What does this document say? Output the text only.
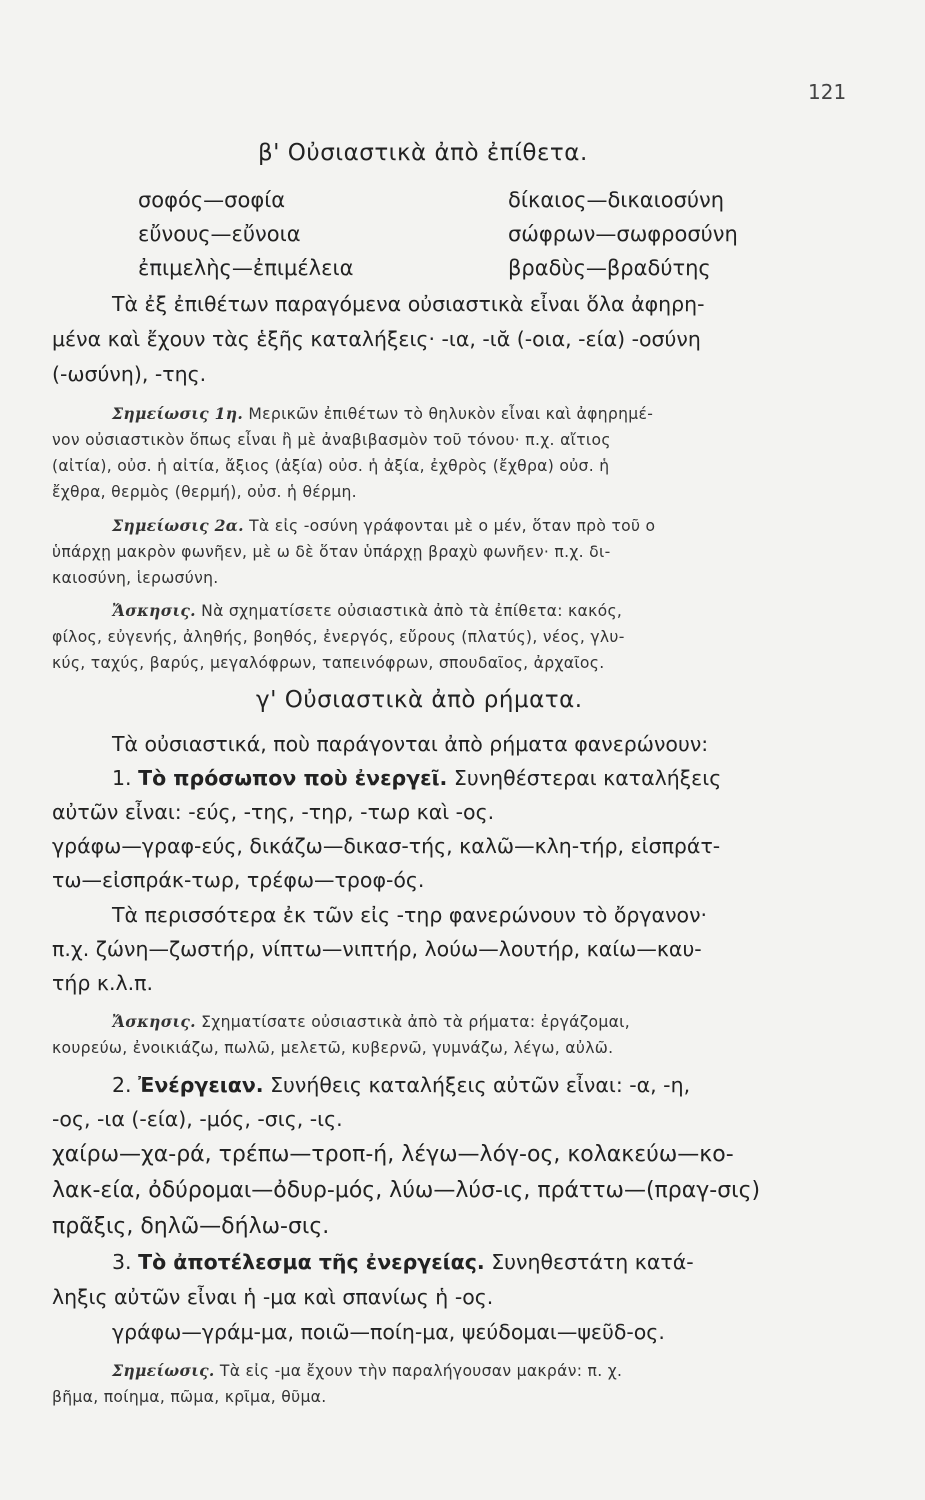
121
β' Οὐσιαστικὰ ἀπὸ ἐπίθετα.
σοφός—σοφία
εὔνους—εὔνοια
ἐπιμελὴς—ἐπιμέλεια
δίκαιος—δικαιοσύνη
σώφρων—σωφροσύνη
βραδὺς—βραδύτης
Τὰ ἐξ ἐπιθέτων παραγόμενα οὐσιαστικὰ εἶναι ὅλα ἀφηρη-
μένα καὶ ἔχουν τὰς ἑξῆς καταλήξεις· -ια, -ιᾰ (-οια, -εία) -οσύνη
(-ωσύνη), -της.
Σημείωσις 1η. Μερικῶν ἐπιθέτων τὸ θηλυκὸν εἶναι καὶ ἀφηρημέ-
νον οὐσιαστικὸν ὅπως εἶναι ἢ μὲ ἀναβιβασμὸν τοῦ τόνου· π.χ. αἴτιος
(αἰτία), οὐσ. ἡ αἰτία, ἄξιος (ἀξία) οὐσ. ἡ ἀξία, ἐχθρὸς (ἔχθρα) οὐσ. ἡ
ἔχθρα, θερμὸς (θερμή), οὐσ. ἡ θέρμη.
Σημείωσις 2α. Τὰ εἰς -οσύνη γράφονται μὲ ο μέν, ὅταν πρὸ τοῦ ο
ὑπάρχῃ μακρὸν φωνῆεν, μὲ ω δὲ ὅταν ὑπάρχῃ βραχὺ φωνῆεν· π.χ. δι-
καιοσύνη, ἱερωσύνη.
Ἄσκησις. Νὰ σχηματίσετε οὐσιαστικὰ ἀπὸ τὰ ἐπίθετα: κακός,
φίλος, εὐγενής, ἀληθής, βοηθός, ἐνεργός, εὔρους (πλατύς), νέος, γλυ-
κύς, ταχύς, βαρύς, μεγαλόφρων, ταπεινόφρων, σπουδαῖος, ἀρχαῖος.
γ' Οὐσιαστικὰ ἀπὸ ρήματα.
Τὰ οὐσιαστικά, ποὺ παράγονται ἀπὸ ρήματα φανερώνουν:
1. Τὸ πρόσωπον ποὺ ἐνεργεῖ. Συνηθέστεραι καταλήξεις
αὐτῶν εἶναι: -εύς, -της, -τηρ, -τωρ καὶ -ος.
γράφω—γραφ-εύς, δικάζω—δικασ-τής, καλῶ—κλη-τήρ, εἰσπράτ-
τω—εἰσπράκ-τωρ, τρέφω—τροφ-ός.
Τὰ περισσότερα ἐκ τῶν εἰς -τηρ φανερώνουν τὸ ὄργανον·
π.χ. ζώνη—ζωστήρ, νίπτω—νιπτήρ, λούω—λουτήρ, καίω—καυ-
τήρ κ.λ.π.
Ἄσκησις. Σχηματίσατε οὐσιαστικὰ ἀπὸ τὰ ρήματα: ἐργάζομαι,
κουρεύω, ἐνοικιάζω, πωλῶ, μελετῶ, κυβερνῶ, γυμνάζω, λέγω, αὐλῶ.
2. Ἐνέργειαν. Συνήθεις καταλήξεις αὐτῶν εἶναι: -α, -η,
-ος, -ια (-εία), -μός, -σις, -ις.
χαίρω—χα-ρά, τρέπω—τροπ-ή, λέγω—λόγ-ος, κολακεύω—κο-
λακ-εία, ὀδύρομαι—ὀδυρ-μός, λύω—λύσ-ις, πράττω—(πραγ-σις)
πρᾶξις, δηλῶ—δήλω-σις.
3. Τὸ ἀποτέλεσμα τῆς ἐνεργείας. Συνηθεστάτη κατά-
ληξις αὐτῶν εἶναι ἡ -μα καὶ σπανίως ἡ -ος.
γράφω—γράμ-μα, ποιῶ—ποίη-μα, ψεύδομαι—ψεῦδ-ος.
Σημείωσις. Τὰ εἰς -μα ἔχουν τὴν παραλήγουσαν μακράν: π. χ.
βῆμα, ποίημα, πῶμα, κρῖμα, θῦμα.
